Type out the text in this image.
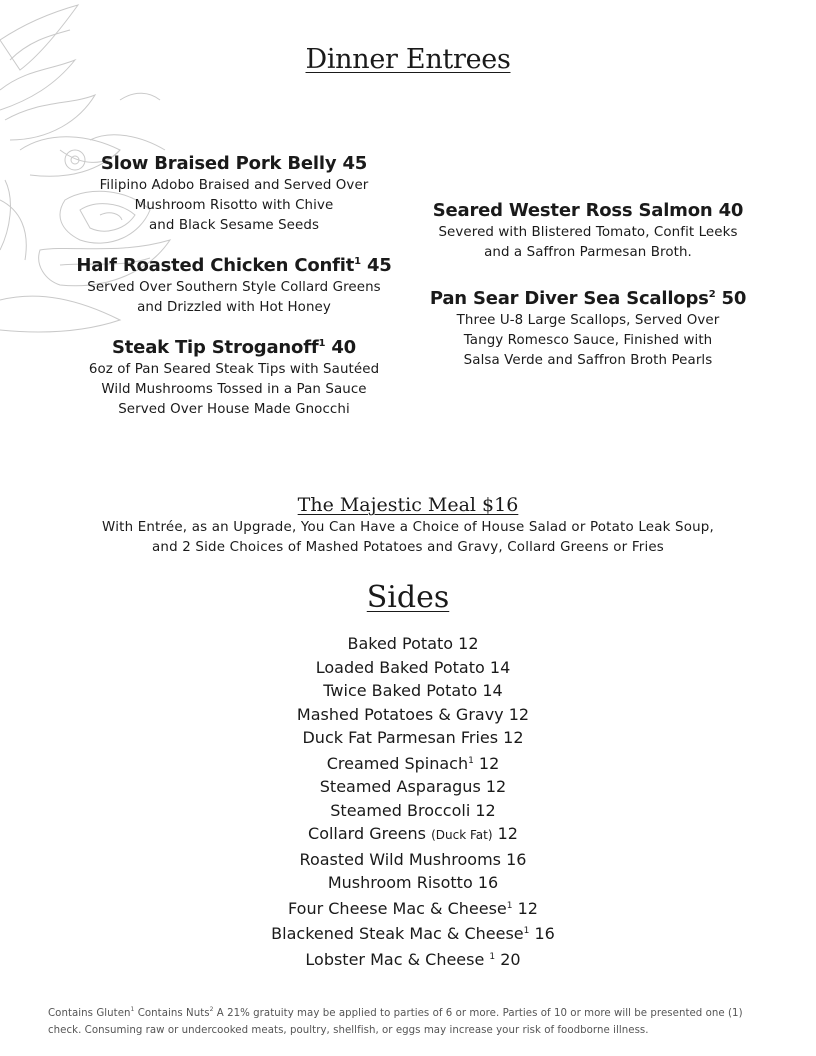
Dinner Entrees
Slow Braised Pork Belly 45
Filipino Adobo Braised and Served Over
Mushroom Risotto with Chive
and Black Sesame Seeds
Half Roasted Chicken Confit$^1$ 45
Served Over Southern Style Collard Greens
and Drizzled with Hot Honey
Steak Tip Stroganoff$^1$ 40
6oz of Pan Seared Steak Tips with Sautéed
Wild Mushrooms Tossed in a Pan Sauce
Served Over House Made Gnocchi
Seared Wester Ross Salmon 40
Severed with Blistered Tomato, Confit Leeks
and a Saffron Parmesan Broth.
Pan Sear Diver Sea Scallops$^2$ 50
Three U-8 Large Scallops, Served Over
Tangy Romesco Sauce, Finished with
Salsa Verde and Saffron Broth Pearls
The Majestic Meal $16
With Entrée, as an Upgrade, You Can Have a Choice of House Salad or Potato Leak Soup,
and 2 Side Choices of Mashed Potatoes and Gravy, Collard Greens or Fries
Sides
Baked Potato 12
Loaded Baked Potato 14
Twice Baked Potato 14
Mashed Potatoes & Gravy 12
Duck Fat Parmesan Fries 12
Creamed Spinach$^1$ 12
Steamed Asparagus 12
Steamed Broccoli 12
Collard Greens (Duck Fat) 12
Roasted Wild Mushrooms 16
Mushroom Risotto 16
Four Cheese Mac & Cheese$^1$ 12
Blackened Steak Mac & Cheese$^1$ 16
Lobster Mac & Cheese $^1$ 20
Contains Gluten$^1$ Contains Nuts$^2$ A 21% gratuity may be applied to parties of 6 or more. Parties of 10 or more will be presented one (1) check. Consuming raw or undercooked meats, poultry, shellfish, or eggs may increase your risk of foodborne illness.
